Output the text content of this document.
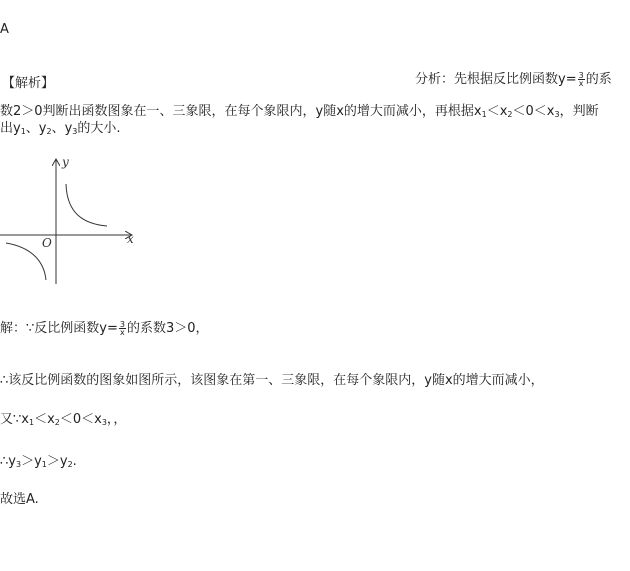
A
【解析】	分析：先根据反比例函数$y= \frac{3}{x}$ 的系
数2＞0判断出函数图象在一、三象限，在每个象限内，y随x的增大而减小，再根据$x_1<x_2<0<x_3$，判断
出$y_1$、$y_2$、$y_3$的大小.
y
x
O
解：∵反比例函数$y= \frac{3}{x}$ 的系数3＞0，
∴该反比例函数的图象如图所示，该图象在第一、三象限，在每个象限内，y随x的增大而减小，
又$\because x_1<x_2<0<x_3$，，
$\therefore y_3>y_1>y_2$.
故选A.
